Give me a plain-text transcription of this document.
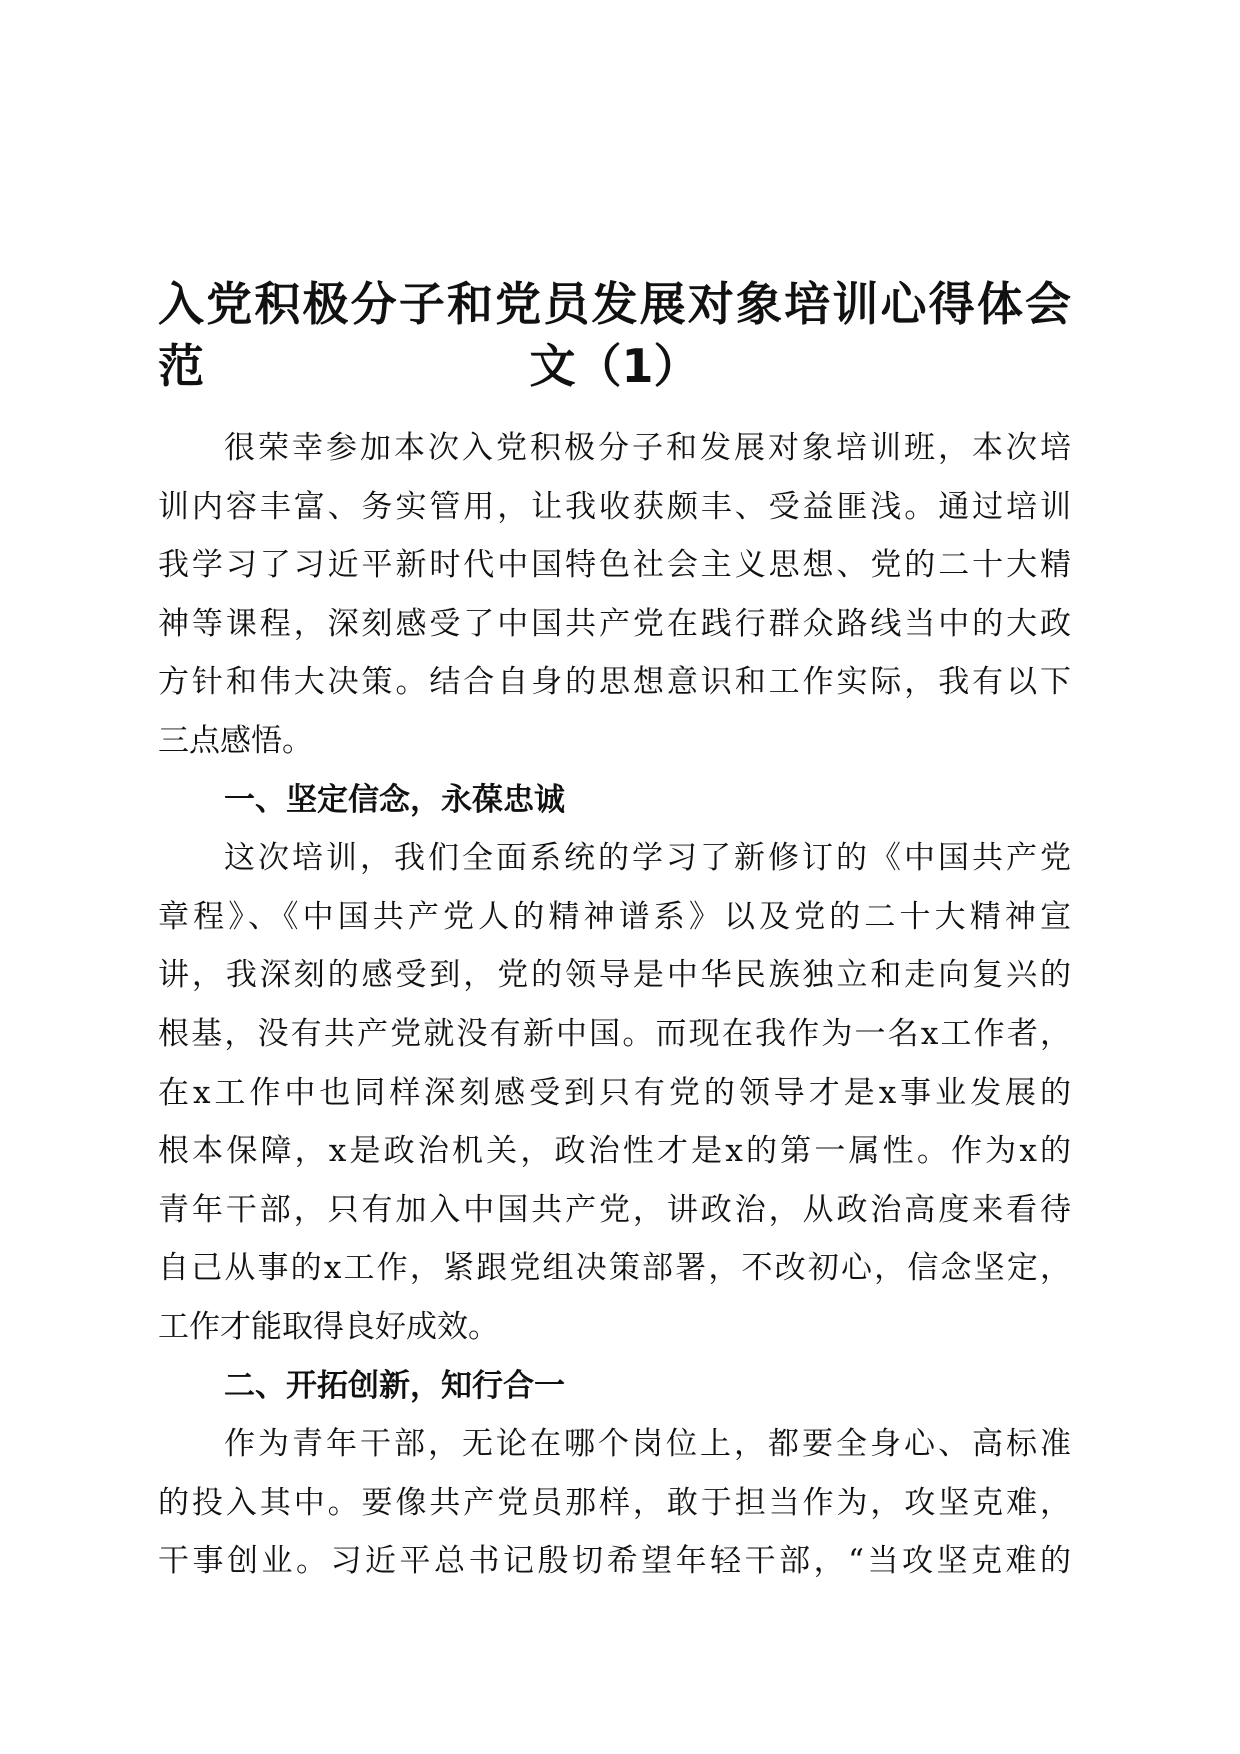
入党积极分子和党员发展对象培训心得体会范	文（1）
很荣幸参加本次入党积极分子和发展对象培训班，本次培
训内容丰富、务实管用，让我收获颇丰、受益匪浅。通过培训
我学习了习近平新时代中国特色社会主义思想、党的二十大精
神等课程，深刻感受了中国共产党在践行群众路线当中的大政
方针和伟大决策。结合自身的思想意识和工作实际，我有以下
三点感悟。
一、坚定信念，永葆忠诚
这次培训，我们全面系统的学习了新修订的《中国共产党
章程》、《中国共产党人的精神谱系》以及党的二十大精神宣
讲，我深刻的感受到，党的领导是中华民族独立和走向复兴的
根基，没有共产党就没有新中国。而现在我作为一名x工作者，
在x工作中也同样深刻感受到只有党的领导才是x事业发展的
根本保障，x是政治机关，政治性才是x的第一属性。作为x的
青年干部，只有加入中国共产党，讲政治，从政治高度来看待
自己从事的x工作，紧跟党组决策部署，不改初心，信念坚定，
工作才能取得良好成效。
二、开拓创新，知行合一
作为青年干部，无论在哪个岗位上，都要全身心、高标准
的投入其中。要像共产党员那样，敢于担当作为，攻坚克难，
干事创业。习近平总书记殷切希望年轻干部，“当攻坚克难的
